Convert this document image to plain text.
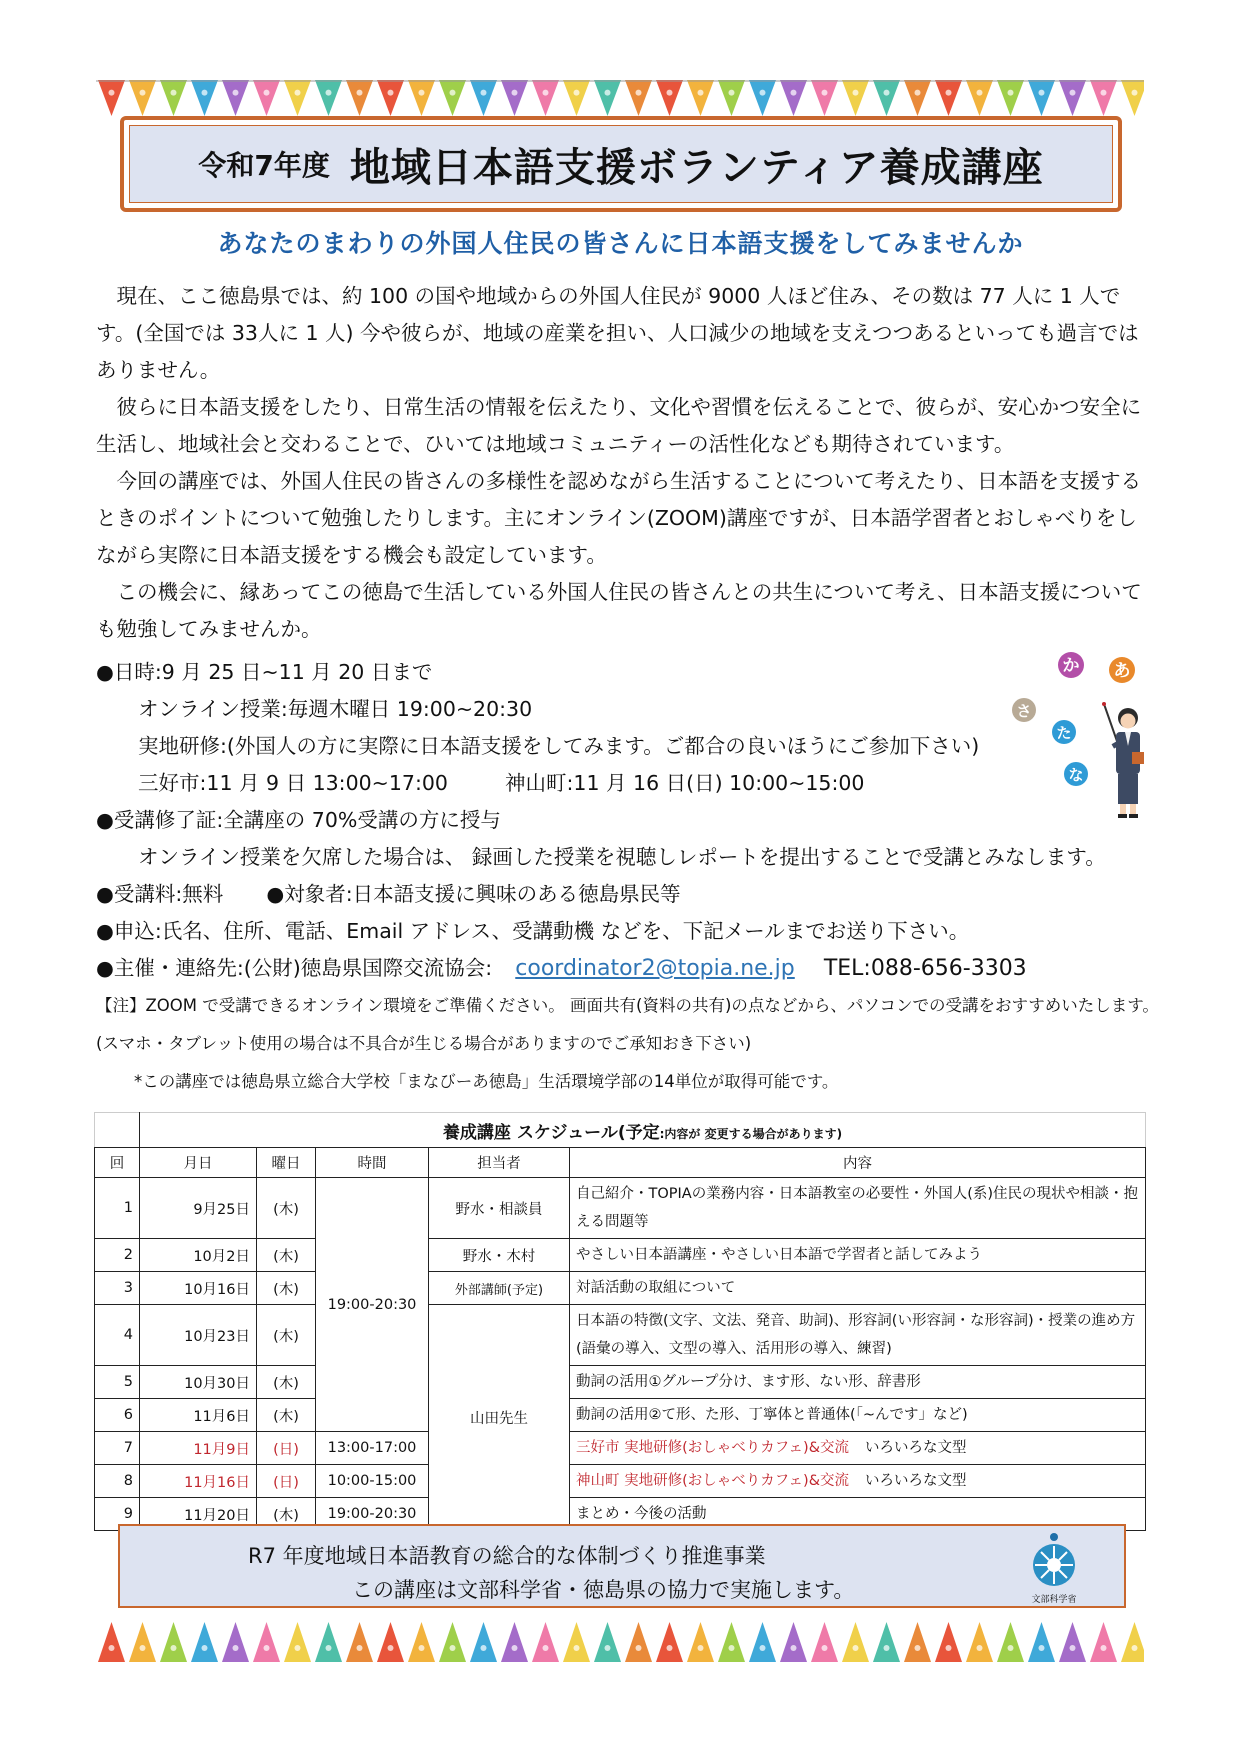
令和7年度 地域日本語支援ボランティア養成講座
あなたのまわりの外国人住民の皆さんに日本語支援をしてみませんか

現在、ここ徳島県では、約 100 の国や地域からの外国人住民が 9000 人ほど住み、その数は 77 人に 1 人です。(全国では 33人に 1 人) 今や彼らが、地域の産業を担い、人口減少の地域を支えつつあるといっても過言ではありません。

彼らに日本語支援をしたり、日常生活の情報を伝えたり、文化や習慣を伝えることで、彼らが、安心かつ安全に生活し、地域社会と交わることで、ひいては地域コミュニティーの活性化なども期待されています。

今回の講座では、外国人住民の皆さんの多様性を認めながら生活することについて考えたり、日本語を支援するときのポイントについて勉強したりします。主にオンライン(ZOOM)講座ですが、日本語学習者とおしゃべりをしながら実際に日本語支援をする機会も設定しています。

この機会に、縁あってこの徳島で生活している外国人住民の皆さんとの共生について考え、日本語支援についても勉強してみませんか。

●日時:9 月 25 日~11 月 20 日まで
オンライン授業:毎週木曜日 19:00~20:30
実地研修:(外国人の方に実際に日本語支援をしてみます。ご都合の良いほうにご参加下さい)
三好市:11 月 9 日 13:00~17:00	神山町:11 月 16 日(日) 10:00~15:00
●受講修了証:全講座の 70%受講の方に授与
オンライン授業を欠席した場合は、 録画した授業を視聴しレポートを提出することで受講とみなします。
●受講料:無料 ●対象者:日本語支援に興味のある徳島県民等
●申込:氏名、住所、電話、Email アドレス、受講動機 などを、下記メールまでお送り下さい。
●主催・連絡先:(公財)徳島県国際交流協会: coordinator2@topia.ne.jp TEL:088-656-3303
【注】ZOOM で受講できるオンライン環境をご準備ください。 画面共有(資料の共有)の点などから、パソコンでの受講をおすすめいたします。
(スマホ・タブレット使用の場合は不具合が生じる場合がありますのでご承知おき下さい)
*この講座では徳島県立総合大学校「まなびーあ徳島」生活環境学部の14単位が取得可能です。
か あ
さ
た
な
	養成講座 スケジュール(予定:内容が 変更する場合があります)				
回	月日	曜日	時間	担当者	内容
1	9月25日	(木)	19:00-20:30	野水・相談員	自己紹介・TOPIAの業務内容・日本語教室の必要性・外国人(系)住民の現状や相談・抱える問題等
2	10月2日	(木)		野水・木村	やさしい日本語講座・やさしい日本語で学習者と話してみよう
3	10月16日	(木)		外部講師(予定)	対話活動の取組について
4	10月23日	(木)		山田先生	日本語の特徴(文字、文法、発音、助詞)、形容詞(い形容詞・な形容詞)・授業の進め方(語彙の導入、文型の導入、活用形の導入、練習)
5	10月30日	(木)			動詞の活用①グループ分け、ます形、ない形、辞書形
6	11月6日	(木)			動詞の活用②て形、た形、丁寧体と普通体(「~んです」など)
7	11月9日	(日)	13:00-17:00		三好市 実地研修(おしゃべりカフェ)&交流 いろいろな文型
8	11月16日	(日)	10:00-15:00		神山町 実地研修(おしゃべりカフェ)&交流 いろいろな文型
9	11月20日	(木)	19:00-20:30		まとめ・今後の活動
R7 年度地域日本語教育の総合的な体制づくり推進事業
この講座は文部科学省・徳島県の協力で実施します。	文部科学省
